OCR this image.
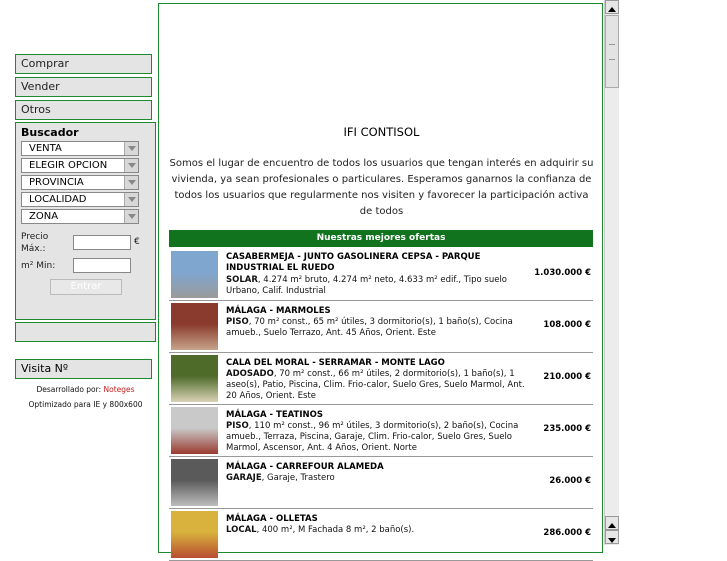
Comprar
Vender
Otros
Buscador
VENTA
ELEGIR OPCION
PROVINCIA
LOCALIDAD
ZONA
Precio
Máx.:
€
m² Min:
Entrar
Visita Nº
Desarrollado por: Noteges
Optimizado para IE y 800x600
IFI CONTISOL
Somos el lugar de encuentro de todos los usuarios que tengan interés en adquirir su vivienda, ya sean profesionales o particulares. Esperamos ganarnos la confianza de todos los usuarios que regularmente nos visiten y favorecer la participación activa de todos
Nuestras mejores ofertas
CASABERMEJA - JUNTO GASOLINERA CEPSA - PARQUE INDUSTRIAL EL RUEDO
SOLAR, 4.274 m² bruto, 4.274 m² neto, 4.633 m² edif., Tipo suelo Urbano, Calif. Industrial
1.030.000 €
MÁLAGA - MARMOLES
PISO, 70 m² const., 65 m² útiles, 3 dormitorio(s), 1 baño(s), Cocina amueb., Suelo Terrazo, Ant. 45 Años, Orient. Este
108.000 €
CALA DEL MORAL - SERRAMAR - MONTE LAGO
ADOSADO, 70 m² const., 66 m² útiles, 2 dormitorio(s), 1 baño(s), 1 aseo(s), Patio, Piscina, Clim. Frio-calor, Suelo Gres, Suelo Marmol, Ant. 20 Años, Orient. Este
210.000 €
MÁLAGA - TEATINOS
PISO, 110 m² const., 96 m² útiles, 3 dormitorio(s), 2 baño(s), Cocina amueb., Terraza, Piscina, Garaje, Clim. Frio-calor, Suelo Gres, Suelo Marmol, Ascensor, Ant. 4 Años, Orient. Norte
235.000 €
MÁLAGA - CARREFOUR ALAMEDA
GARAJE, Garaje, Trastero	26.000 €
MÁLAGA - OLLETAS
LOCAL, 400 m², M Fachada 8 m², 2 baño(s).	286.000 €
